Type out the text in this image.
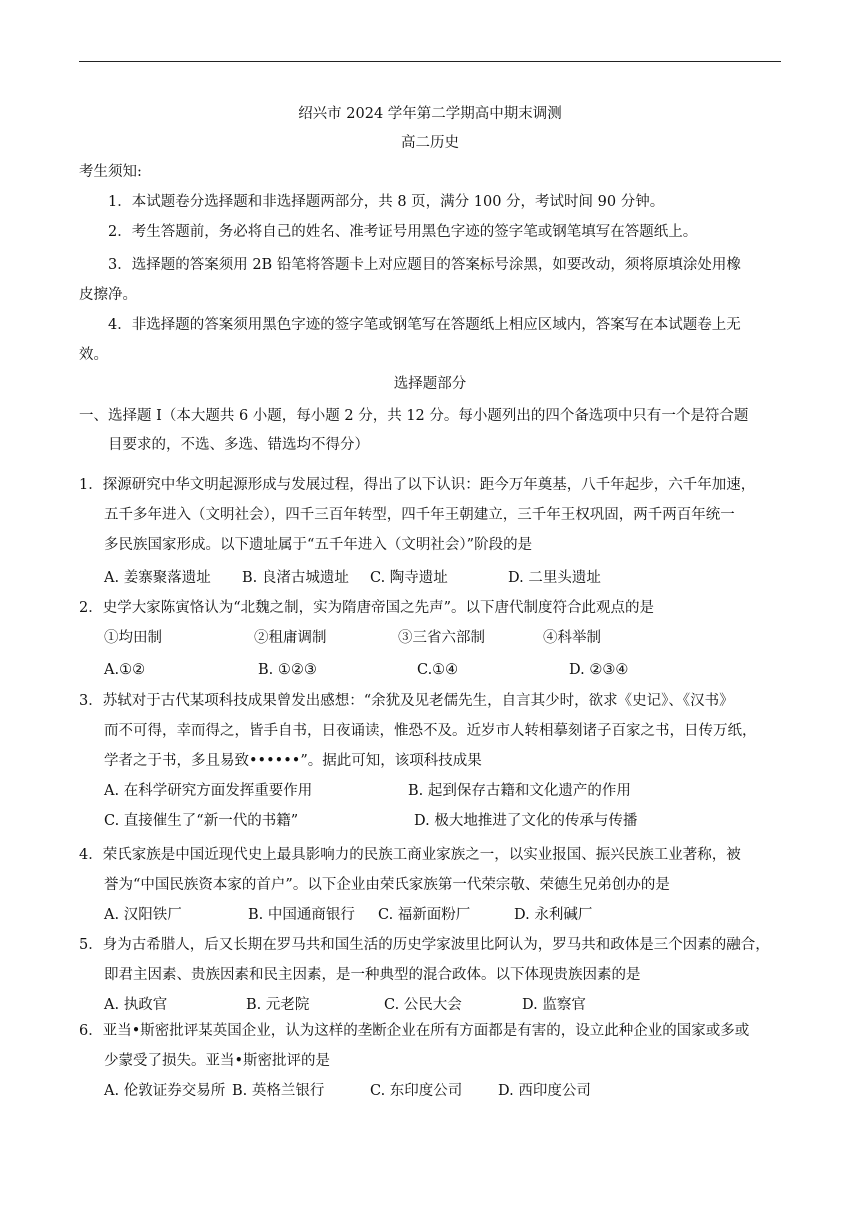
绍兴市 2024 学年第二学期高中期末调测
高二历史
考生须知:
1．本试题卷分选择题和非选择题两部分，共 8 页，满分 100 分，考试时间 90 分钟。
2．考生答题前，务必将自己的姓名、准考证号用黑色字迹的签字笔或钢笔填写在答题纸上。
3．选择题的答案须用 2B 铅笔将答题卡上对应题目的答案标号涂黑，如要改动，须将原填涂处用橡
皮擦净。
4．非选择题的答案须用黑色字迹的签字笔或钢笔写在答题纸上相应区域内，答案写在本试题卷上无
效。
选择题部分
一、选择题 I（本大题共 6 小题，每小题 2 分，共 12 分。每小题列出的四个备选项中只有一个是符合题
目要求的，不选、多选、错选均不得分）
1．探源研究中华文明起源形成与发展过程，得出了以下认识：距今万年奠基，八千年起步，六千年加速，
五千多年进入（文明社会），四千三百年转型，四千年王朝建立，三千年王权巩固，两千两百年统一
多民族国家形成。以下遗址属于“五千年进入（文明社会）”阶段的是
A. 姜寨聚落遗址 B. 良渚古城遗址 C. 陶寺遗址	D. 二里头遗址
2．史学大家陈寅恪认为“北魏之制，实为隋唐帝国之先声”。以下唐代制度符合此观点的是
①均田制	②租庸调制	③三省六部制	④科举制
A.①②	B. ①②③	C.①④	D. ②③④
3．苏轼对于古代某项科技成果曾发出感想：“余犹及见老儒先生，自言其少时，欲求《史记》、《汉书》
而不可得，幸而得之，皆手自书，日夜诵读，惟恐不及。近岁市人转相摹刻诸子百家之书，日传万纸，
学者之于书，多且易致••••••”。据此可知，该项科技成果
A. 在科学研究方面发挥重要作用	B. 起到保存古籍和文化遗产的作用
C. 直接催生了“新一代的书籍”	D. 极大地推进了文化的传承与传播
4．荣氏家族是中国近现代史上最具影响力的民族工商业家族之一，以实业报国、振兴民族工业著称，被
誉为“中国民族资本家的首户”。以下企业由荣氏家族第一代荣宗敬、荣德生兄弟创办的是
A. 汉阳铁厂	B. 中国通商银行 C. 福新面粉厂	D. 永利碱厂
5．身为古希腊人，后又长期在罗马共和国生活的历史学家波里比阿认为，罗马共和政体是三个因素的融合，
即君主因素、贵族因素和民主因素，是一种典型的混合政体。以下体现贵族因素的是
A. 执政官	B. 元老院	C. 公民大会	D. 监察官
6．亚当•斯密批评某英国企业，认为这样的垄断企业在所有方面都是有害的，设立此种企业的国家或多或
少蒙受了损失。亚当•斯密批评的是
A. 伦敦证券交易所 B. 英格兰银行	C. 东印度公司 D. 西印度公司
